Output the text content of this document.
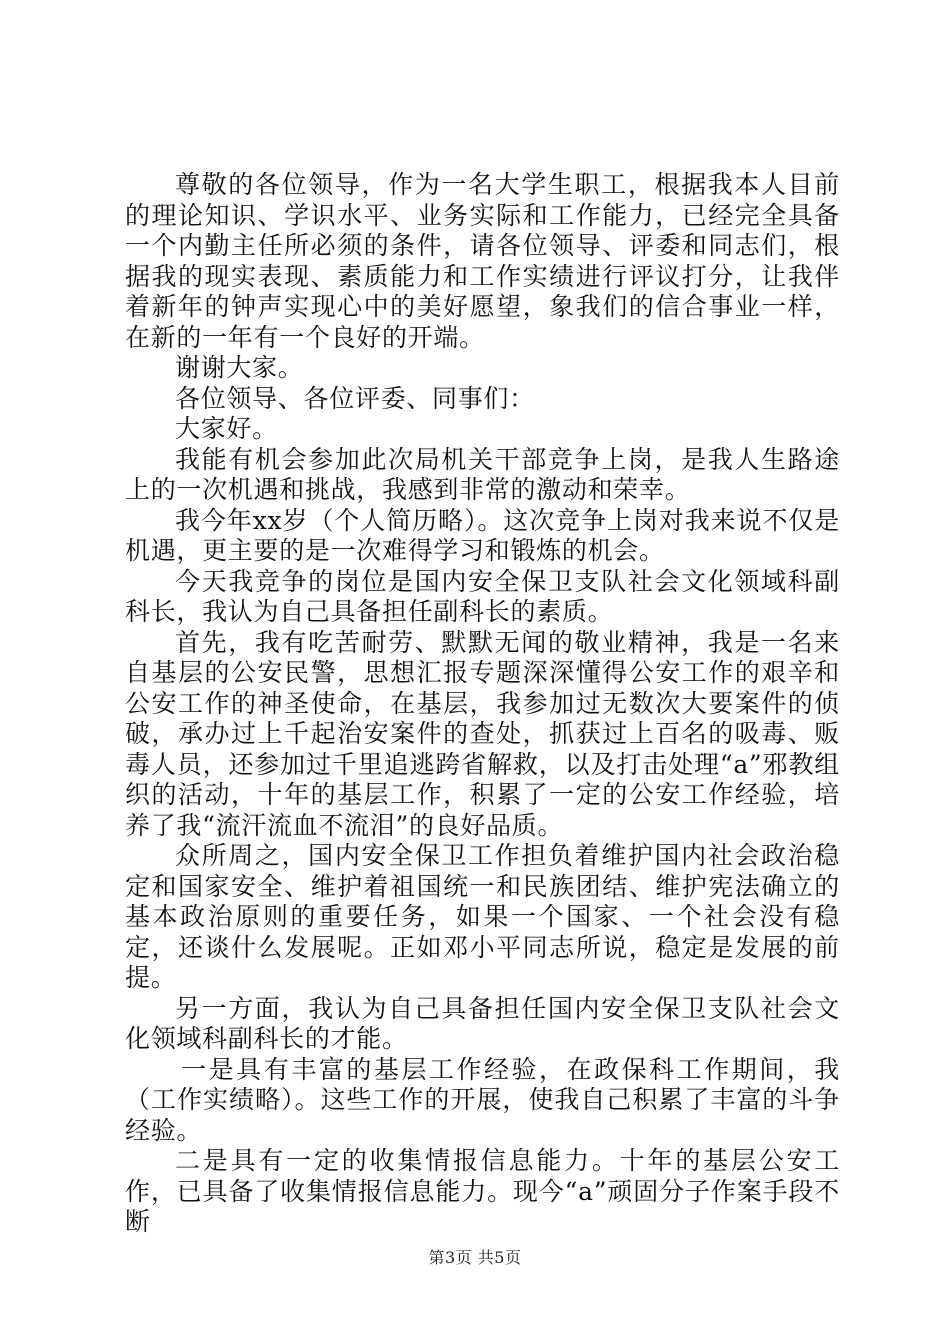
尊敬的各位领导，作为一名大学生职工，根据我本人目前的理论知识、学识水平、业务实际和工作能力，已经完全具备一个内勤主任所必须的条件，请各位领导、评委和同志们，根据我的现实表现、素质能力和工作实绩进行评议打分，让我伴着新年的钟声实现心中的美好愿望，象我们的信合事业一样，在新的一年有一个良好的开端。

谢谢大家。

各位领导、各位评委、同事们：

大家好。

我能有机会参加此次局机关干部竞争上岗，是我人生路途上的一次机遇和挑战，我感到非常的激动和荣幸。

我今年xx岁（个人简历略）。这次竞争上岗对我来说不仅是机遇，更主要的是一次难得学习和锻炼的机会。

今天我竞争的岗位是国内安全保卫支队社会文化领域科副科长，我认为自己具备担任副科长的素质。

首先，我有吃苦耐劳、默默无闻的敬业精神，我是一名来自基层的公安民警，思想汇报专题深深懂得公安工作的艰辛和公安工作的神圣使命，在基层，我参加过无数次大要案件的侦破，承办过上千起治安案件的查处，抓获过上百名的吸毒、贩毒人员，还参加过千里追逃跨省解救，以及打击处理“a”邪教组织的活动，十年的基层工作，积累了一定的公安工作经验，培养了我“流汗流血不流泪”的良好品质。

众所周之，国内安全保卫工作担负着维护国内社会政治稳定和国家安全、维护着祖国统一和民族团结、维护宪法确立的基本政治原则的重要任务，如果一个国家、一个社会没有稳定，还谈什么发展呢。正如邓小平同志所说，稳定是发展的前提。

另一方面，我认为自己具备担任国内安全保卫支队社会文化领域科副科长的才能。

一是具有丰富的基层工作经验，在政保科工作期间，我（工作实绩略）。这些工作的开展，使我自己积累了丰富的斗争经验。

二是具有一定的收集情报信息能力。十年的基层公安工作，已具备了收集情报信息能力。现今“a”顽固分子作案手段不断

第3页 共5页
